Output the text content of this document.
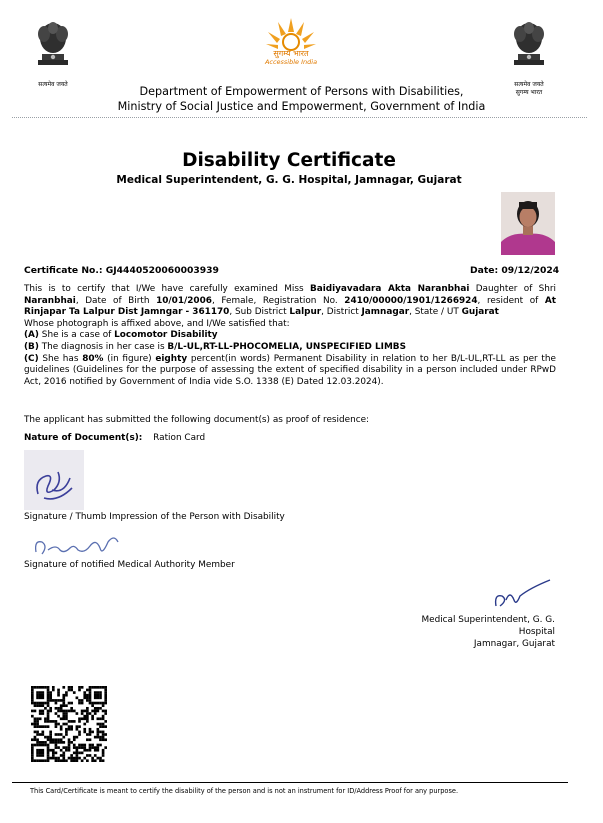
सत्यमेव जयते
सुगम्य भारत
Accessible India
सत्यमेव जयते
सुगम्य भारत
Department of Empowerment of Persons with Disabilities,
Ministry of Social Justice and Empowerment, Government of India
Disability Certificate
Medical Superintendent, G. G. Hospital, Jamnagar, Gujarat
Certificate No.: GJ4440520060003939	Date: 09/12/2024

This is to certify that I/We have carefully examined Miss Baidiyavadara Akta Naranbhai Daughter of Shri Naranbhai, Date of Birth 10/01/2006, Female, Registration No. 2410/00000/1901/1266924, resident of At Rinjapar Ta Lalpur Dist Jamngar - 361170, Sub District Lalpur, District Jamnagar, State / UT Gujarat

Whose photograph is affixed above, and I/We satisfied that:

(A) She is a case of Locomotor Disability

(B) The diagnosis in her case is B/L-UL,RT-LL-PHOCOMELIA, UNSPECIFIED LIMBS

(C) She has 80% (in figure) eighty percent(in words) Permanent Disability in relation to her B/L-UL,RT-LL as per the guidelines (Guidelines for the purpose of assessing the extent of specified disability in a person included under RPwD Act, 2016 notified by Government of India vide S.O. 1338 (E) Dated 12.03.2024).

The applicant has submitted the following document(s) as proof of residence:
Nature of Document(s): Ration Card
Signature / Thumb Impression of the Person with Disability
Signature of notified Medical Authority Member
Medical Superintendent, G. G. Hospital
Jamnagar, Gujarat
This Card/Certificate is meant to certify the disability of the person and is not an instrument for ID/Address Proof for any purpose.
